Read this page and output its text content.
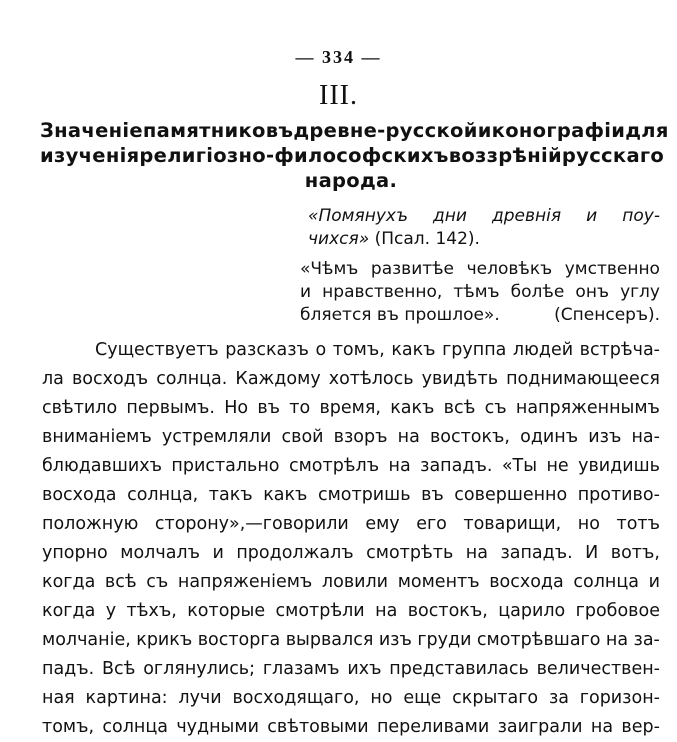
— 334 —
III.
Значенiе памятниковъ древне-русской иконографiи для
изученiя религiозно-философскихъ воззрѣнiй русскаго
народа.
«Помянухъ дни древнiя и поу-
чихся» (Псал. 142).
«Чѣмъ развитѣе человѣкъ умственно
и нравственно, тѣмъ болѣе онъ углу
бляется въ прошлое».	(Спенсеръ).
Существуетъ разсказъ о томъ, какъ группа людей встрѣча-
ла восходъ солнца. Каждому хотѣлось увидѣть поднимающееся
свѣтило первымъ. Но въ то время, какъ всѣ съ напряженнымъ
вниманiемъ устремляли свой взоръ на востокъ, одинъ изъ на-
блюдавшихъ пристально смотрѣлъ на западъ. «Ты не увидишь
восхода солнца, такъ какъ смотришь въ совершенно противо-
положную сторону»,—говорили ему его товарищи, но тотъ
упорно молчалъ и продолжалъ смотрѣть на западъ. И вотъ,
когда всѣ съ напряженiемъ ловили моментъ восхода солнца и
когда у тѣхъ, которые смотрѣли на востокъ, царило гробовое
молчанiе, крикъ восторга вырвался изъ груди смотрѣвшаго на за-
падъ. Всѣ оглянулись; глазамъ ихъ представилась величествен-
ная картина: лучи восходящаго, но еще скрытаго за горизон-
томъ, солнца чудными свѣтовыми переливами заиграли на вер-
